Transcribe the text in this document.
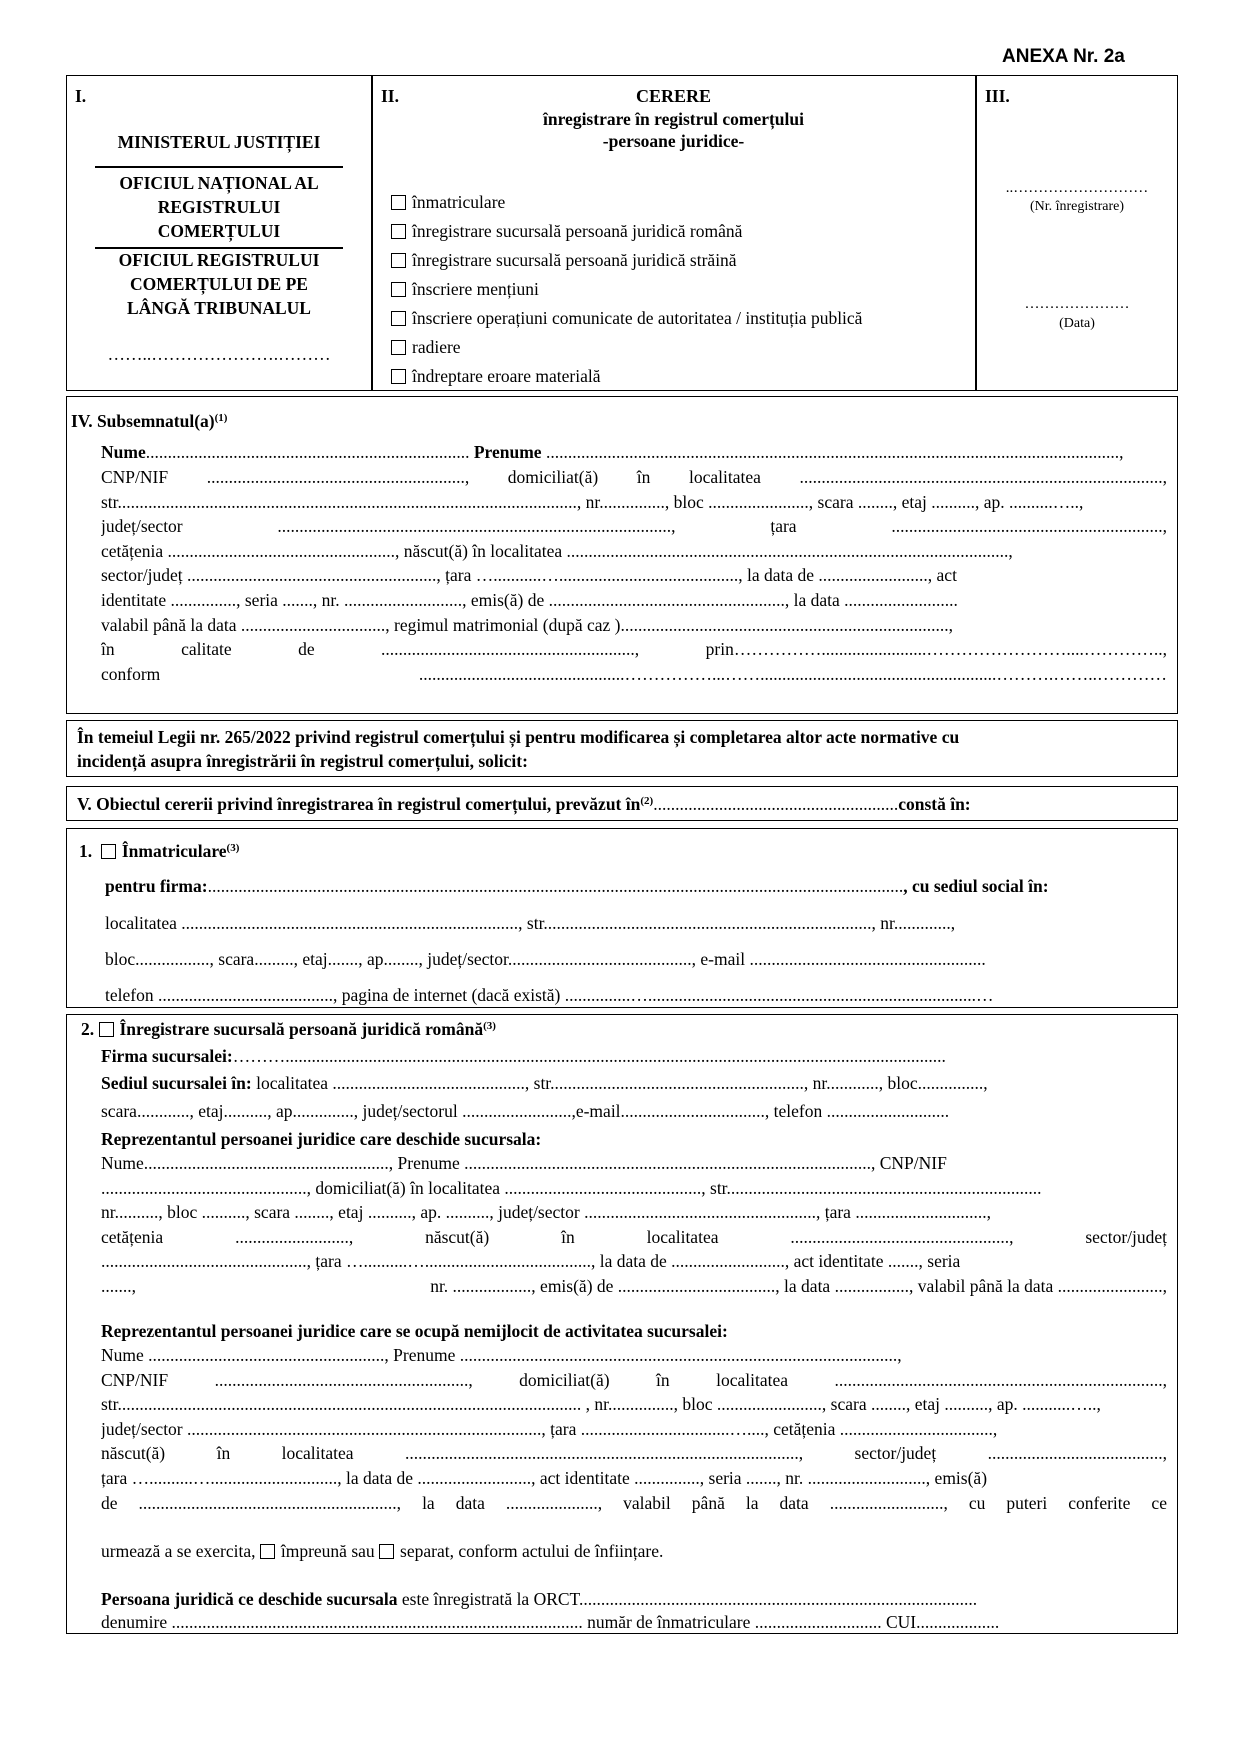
ANEXA Nr. 2a
I.
MINISTERUL JUSTIȚIEI
OFICIUL NAȚIONAL AL
REGISTRULUI
COMERȚULUI
OFICIUL REGISTRULUI
COMERȚULUI DE PE
LÂNGĂ TRIBUNALUL
……..………………….………
II.	CERERE
înregistrare în registrul comerțului
-persoane juridice-
înmatriculare
înregistrare sucursală persoană juridică română
înregistrare sucursală persoană juridică străină
înscriere mențiuni
înscriere operațiuni comunicate de autoritatea / instituția publică
radiere
îndreptare eroare materială
III.
..………………………
(Nr. înregistrare)
…………………
(Data)
IV. $Subsemnatul(a)^{(1)}$
Nume.......................................................................... Prenume ...................................................................................................................................,
CNP/NIF ..........................................................., domiciliat(ă) în localitatea ...................................................................................,
str........................................................................................................., nr..............., bloc ......................., scara ........, etaj .........., ap. ..........…..,
județ/sector	..........................................................................................,	țara	..............................................................,
cetățenia ...................................................., născut(ă) în localitatea .....................................................................................................,
sector/județ ........................................................., țara …...........…........................................., la data de ........................., act
identitate ..............., seria ......., nr. ..........................., emis(ă) de ......................................................, la data ..........................
valabil până la data ................................., regimul matrimonial (după caz )...........................................................................,
în	calitate	de	..........................................................,	prin……………........................……………………....…………..,
conform	...............................................……………...……......................................................……….……..…………
În temeiul Legii nr. 265/2022 privind registrul comerțului și pentru modificarea și completarea altor acte normative cu
incidență asupra înregistrării în registrul comerțului, solicit:
V. Obiectul cererii privind înregistrarea în registrul comerțului, prevăzut $în^{(2)}........................................................constă$ în:
1. Înmatriculare$^{(3)}$
pentru firma:..............................................................................................................................................................., cu sediul social în:
localitatea ............................................................................., str..........................................................................., nr.............,
bloc................., scara........., etaj......., ap........, județ/sector.........................................., e-mail ......................................................
telefon ........................................, pagina de internet (dacă există) ...............…...........................................................................…
2. Înregistrare sucursală persoană juridică română$^{(3)}$
Firma sucursalei:……….......................................................................................................................................................
Sediul sucursalei în: localitatea ............................................, str.........................................................., nr............, bloc...............,
scara............, etaj.........., ap.............., județ/sectorul .........................,e-mail................................., telefon ............................
Reprezentantul persoanei juridice care deschide sucursala:
Nume........................................................, Prenume ............................................................................................., CNP/NIF
..............................................., domiciliat(ă) în localitatea ............................................., str........................................................................
nr.........., bloc .........., scara ........, etaj .........., ap. .........., județ/sector ....................................................., țara ..............................,
cetățenia	..........................,	născut(ă)	în	localitatea	..................................................,	sector/județ
..............................................., țara …..........…......................................, la data de .........................., act identitate ......., seria
.......,	nr. .................., emis(ă) de ...................................., la data ................., valabil până la data ........................,
Reprezentantul persoanei juridice care se ocupă nemijlocit de activitatea sucursalei:
Nume ......................................................, Prenume ....................................................................................................,
CNP/NIF	..........................................................,	domiciliat(ă)	în	localitatea	...........................................................................,
str.......................................................................................................... , nr..............., bloc ........................, scara ........, etaj .........., ap. ...........…..,
județ/sector ................................................................................., țara ..................................…...., cetățenia ...................................,
născut(ă)	în	localitatea	..........................................................................................,	sector/județ	........................................,
țara …..........…............................., la data de .........................., act identitate ..............., seria ......., nr. ..........................., emis(ă)
de ..........................................................., la data ....................., valabil până la data .........................., cu puteri conferite ce
urmează a se exercita, împreună sau separat, conform actului de înființare.
Persoana juridică ce deschide sucursala este înregistrată la ORCT...........................................................................................
denumire .............................................................................................. număr de înmatriculare ............................. CUI...................
